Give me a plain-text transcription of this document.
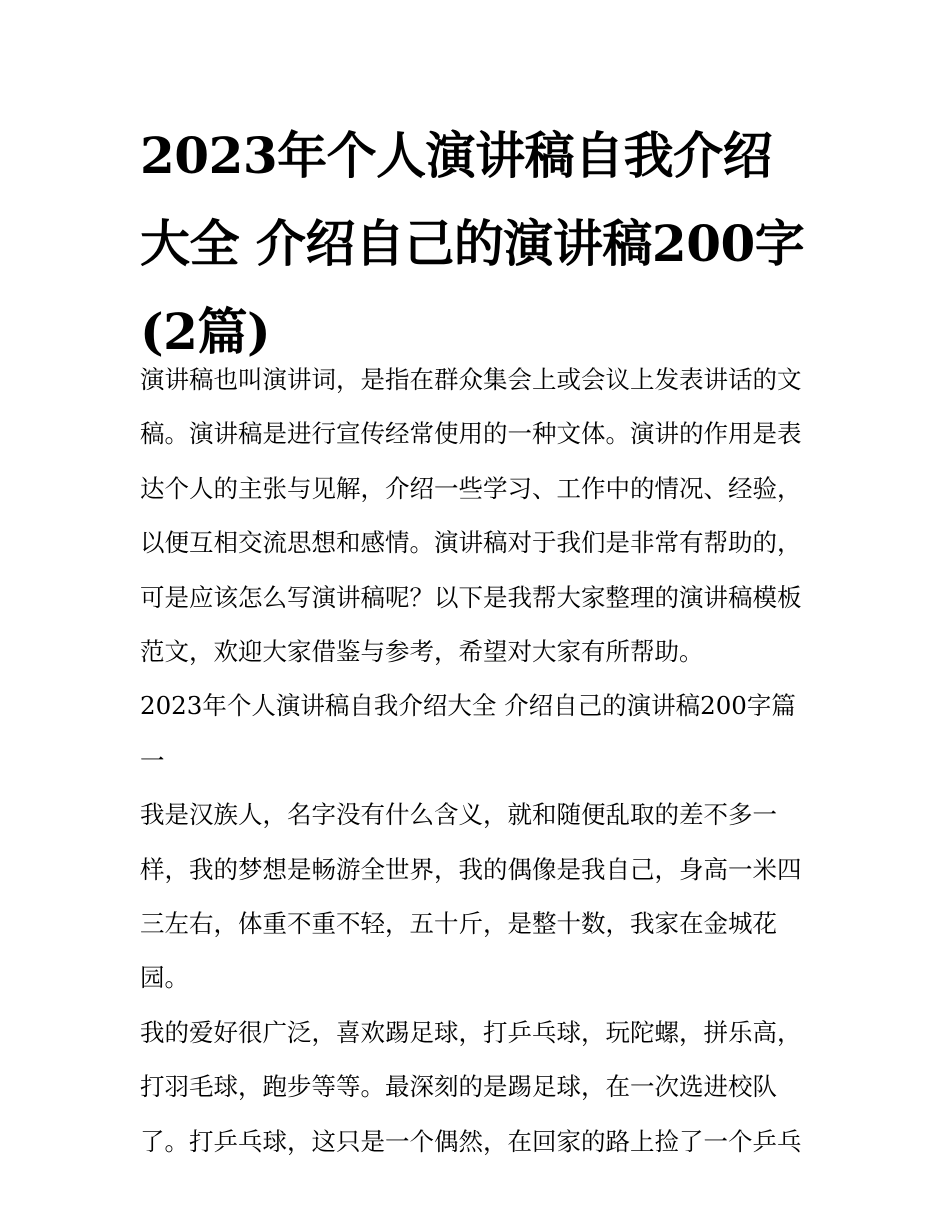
2023年个人演讲稿自我介绍大全 介绍自己的演讲稿200字(2篇)

演讲稿也叫演讲词，是指在群众集会上或会议上发表讲话的文稿。演讲稿是进行宣传经常使用的一种文体。演讲的作用是表达个人的主张与见解，介绍一些学习、工作中的情况、经验，以便互相交流思想和感情。演讲稿对于我们是非常有帮助的，可是应该怎么写演讲稿呢？以下是我帮大家整理的演讲稿模板范文，欢迎大家借鉴与参考，希望对大家有所帮助。

2023年个人演讲稿自我介绍大全 介绍自己的演讲稿200字篇一

我是汉族人，名字没有什么含义，就和随便乱取的差不多一样，我的梦想是畅游全世界，我的偶像是我自己，身高一米四三左右，体重不重不轻，五十斤，是整十数，我家在金城花园。

我的爱好很广泛，喜欢踢足球，打乒乓球，玩陀螺，拼乐高，打羽毛球，跑步等等。最深刻的是踢足球，在一次选进校队了。打乒乓球，这只是一个偶然，在回家的路上捡了一个乒乓
